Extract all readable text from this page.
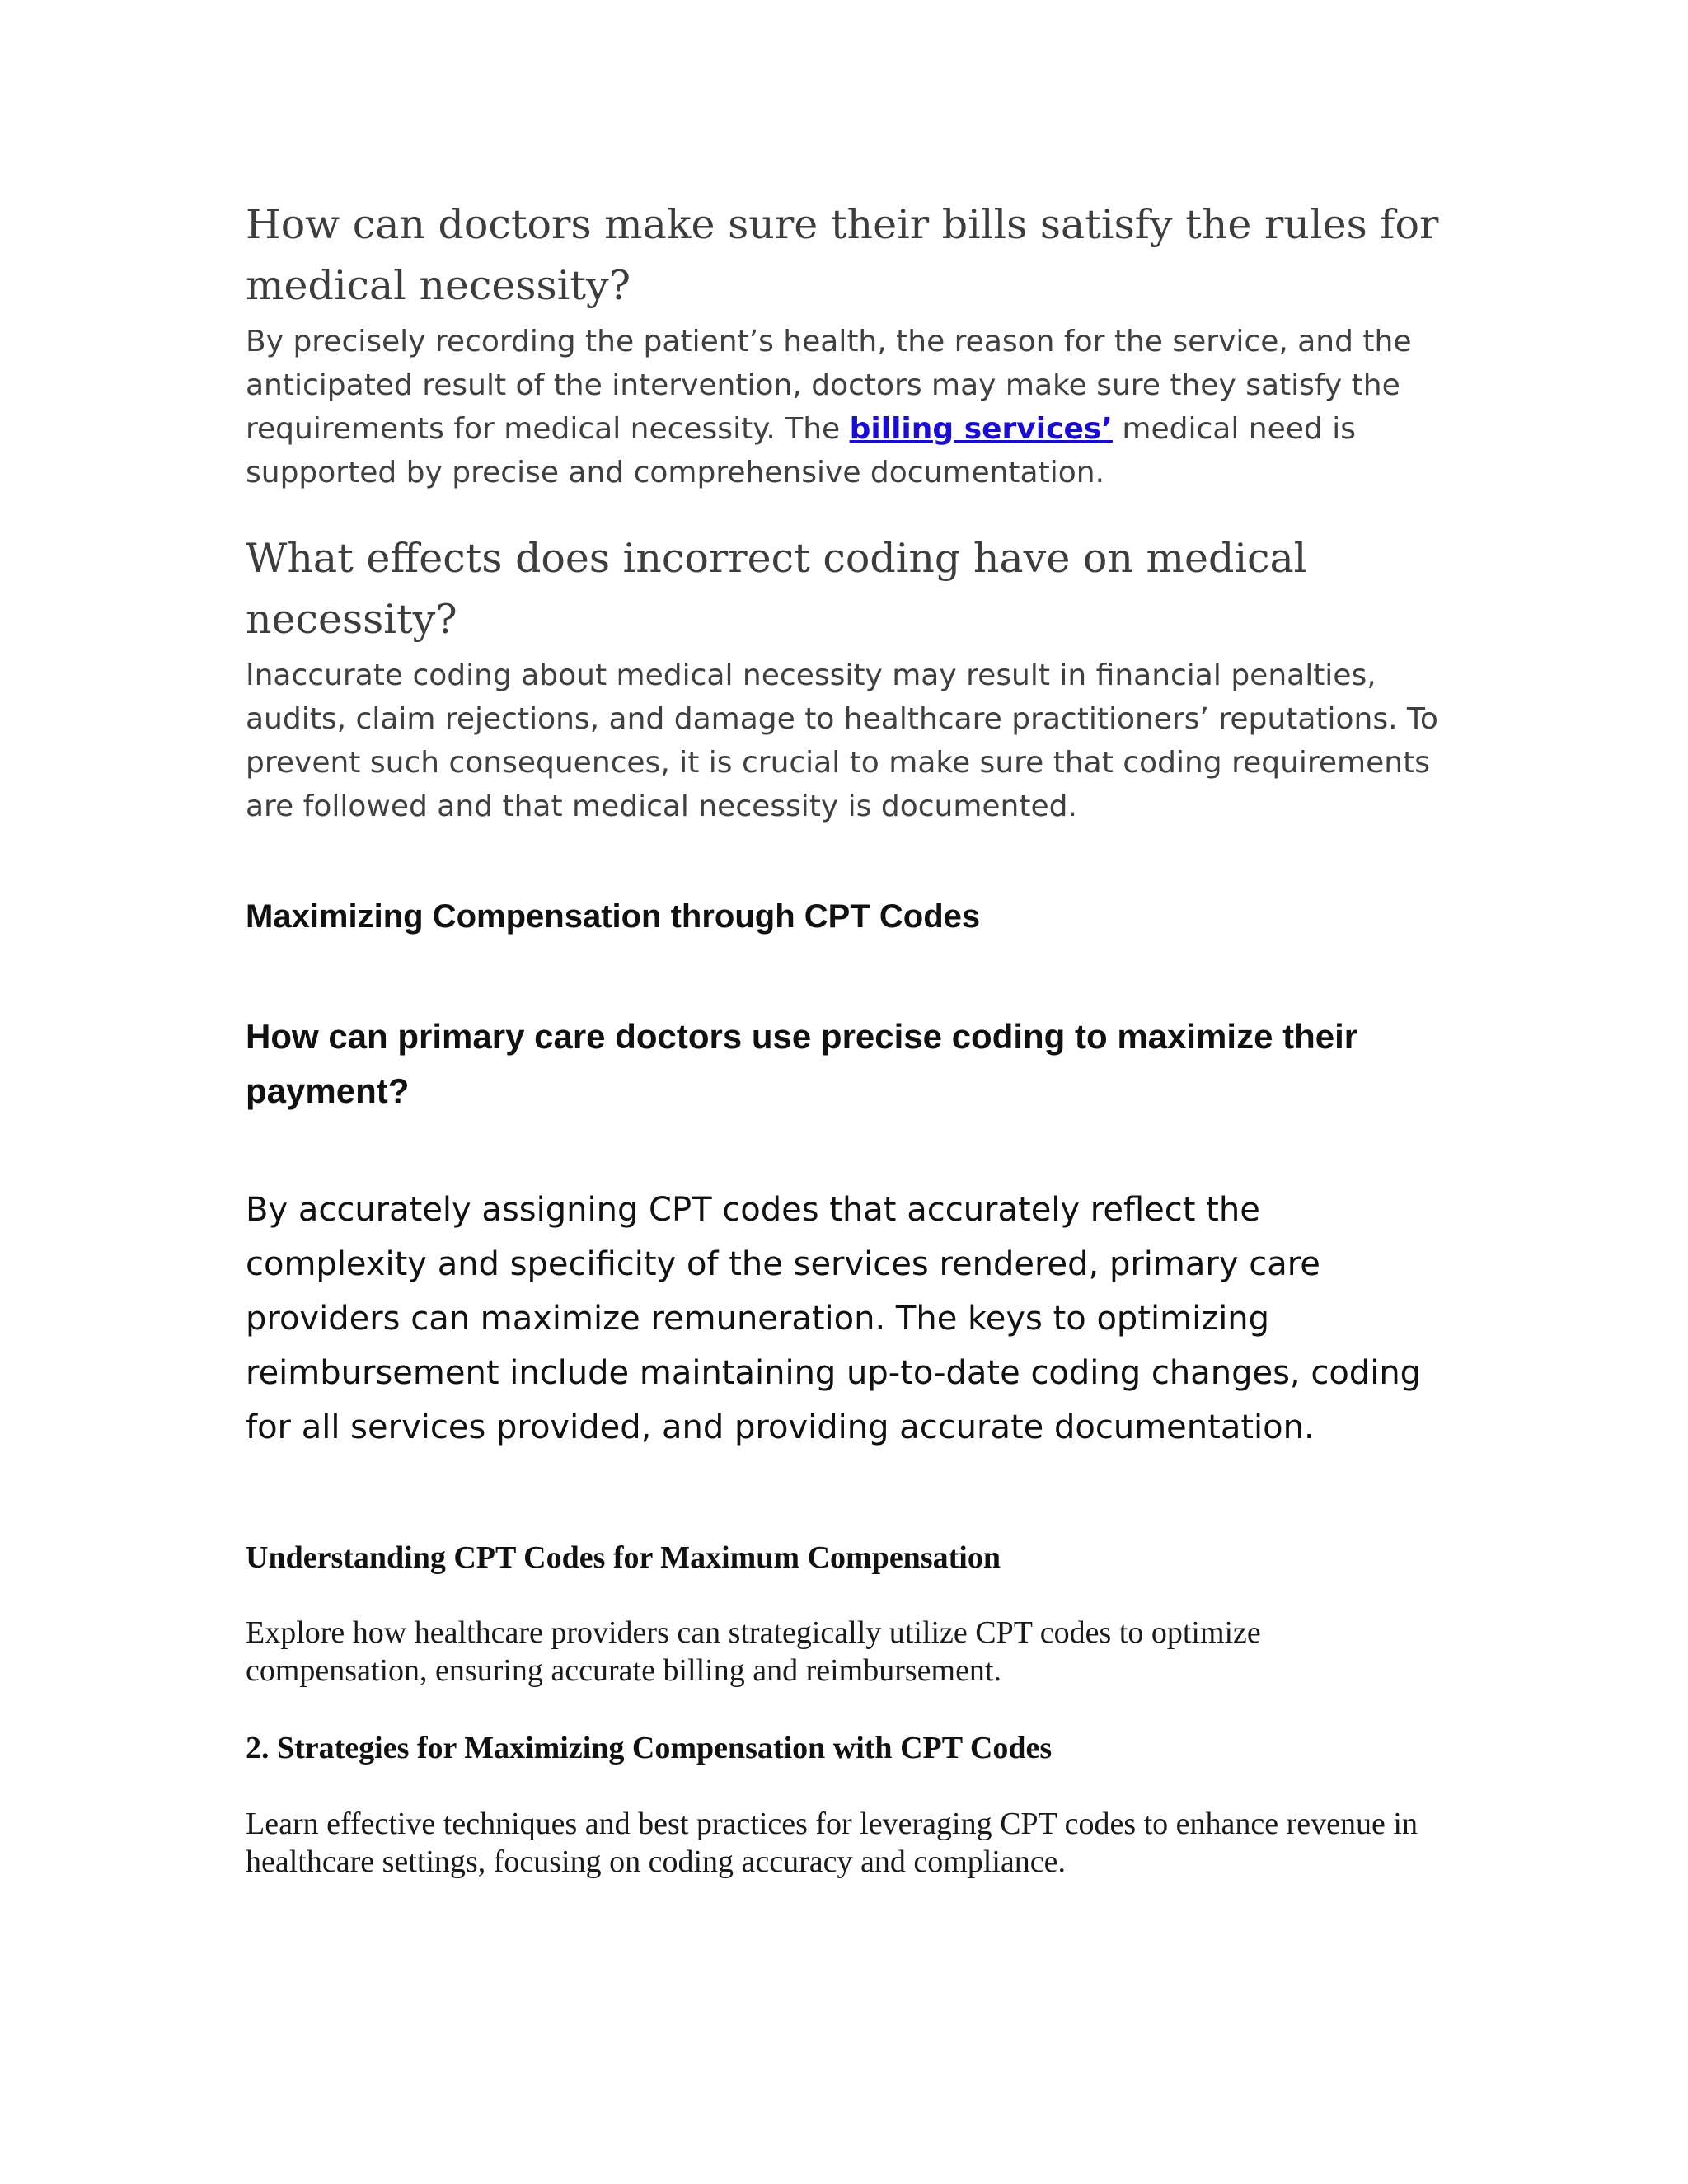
How can doctors make sure their bills satisfy the rules for medical necessity?

By precisely recording the patient’s health, the reason for the service, and the anticipated result of the intervention, doctors may make sure they satisfy the requirements for medical necessity. The billing services’ medical need is supported by precise and comprehensive documentation.

What effects does incorrect coding have on medical necessity?

Inaccurate coding about medical necessity may result in financial penalties, audits, claim rejections, and damage to healthcare practitioners’ reputations. To prevent such consequences, it is crucial to make sure that coding requirements are followed and that medical necessity is documented.

Maximizing Compensation through CPT Codes
How can primary care doctors use precise coding to maximize their payment?

By accurately assigning CPT codes that accurately reflect the complexity and specificity of the services rendered, primary care providers can maximize remuneration. The keys to optimizing reimbursement include maintaining up-to-date coding changes, coding for all services provided, and providing accurate documentation.

Understanding CPT Codes for Maximum Compensation

Explore how healthcare providers can strategically utilize CPT codes to optimize compensation, ensuring accurate billing and reimbursement.

2. Strategies for Maximizing Compensation with CPT Codes

Learn effective techniques and best practices for leveraging CPT codes to enhance revenue in healthcare settings, focusing on coding accuracy and compliance.
